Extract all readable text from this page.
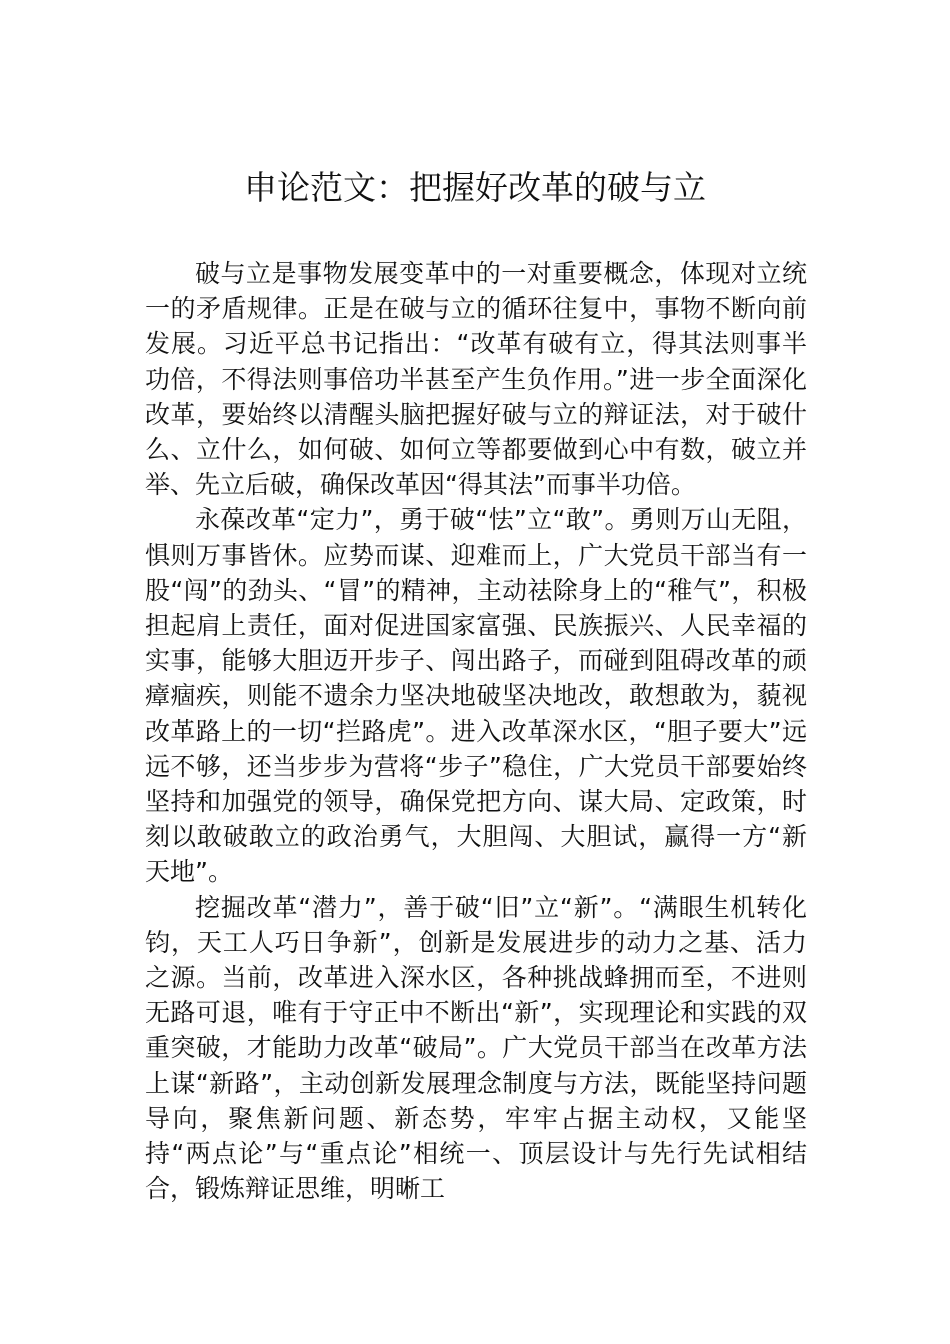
申论范文：把握好改革的破与立

破与立是事物发展变革中的一对重要概念，体现对立统一的矛盾规律。正是在破与立的循环往复中，事物不断向前发展。习近平总书记指出：“改革有破有立，得其法则事半功倍，不得法则事倍功半甚至产生负作用。”进一步全面深化改革，要始终以清醒头脑把握好破与立的辩证法，对于破什么、立什么，如何破、如何立等都要做到心中有数，破立并举、先立后破，确保改革因“得其法”而事半功倍。

永葆改革“定力”，勇于破“怯”立“敢”。勇则万山无阻，惧则万事皆休。应势而谋、迎难而上，广大党员干部当有一股“闯”的劲头、“冒”的精神，主动祛除身上的“稚气”，积极担起肩上责任，面对促进国家富强、民族振兴、人民幸福的实事，能够大胆迈开步子、闯出路子，而碰到阻碍改革的顽瘴痼疾，则能不遗余力坚决地破坚决地改，敢想敢为，藐视改革路上的一切“拦路虎”。进入改革深水区，“胆子要大”远远不够，还当步步为营将“步子”稳住，广大党员干部要始终坚持和加强党的领导，确保党把方向、谋大局、定政策，时刻以敢破敢立的政治勇气，大胆闯、大胆试，赢得一方“新天地”。

挖掘改革“潜力”，善于破“旧”立“新”。“满眼生机转化钧，天工人巧日争新”，创新是发展进步的动力之基、活力之源。当前，改革进入深水区，各种挑战蜂拥而至，不进则无路可退，唯有于守正中不断出“新”，实现理论和实践的双重突破，才能助力改革“破局”。广大党员干部当在改革方法上谋“新路”，主动创新发展理念制度与方法，既能坚持问题导向，聚焦新问题、新态势，牢牢占据主动权，又能坚持“两点论”与“重点论”相统一、顶层设计与先行先试相结合，锻炼辩证思维，明晰工
